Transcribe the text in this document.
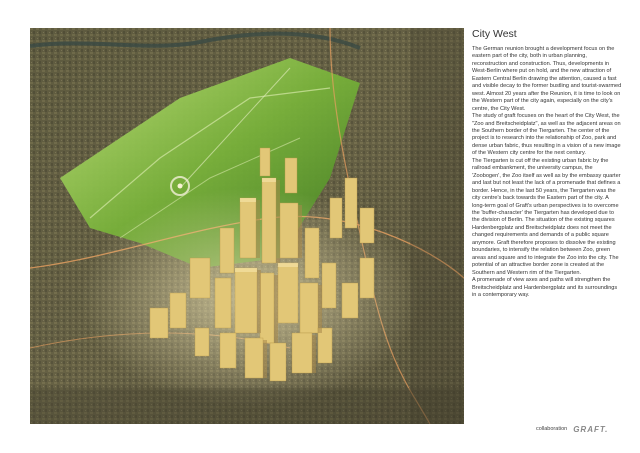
City West

The German reunion brought a development focus on the eastern part of the city, both in urban planning, reconstruction and construction. Thus, developments in West-Berlin where put on hold, and the new attraction of Eastern Central Berlin drawing the attention, caused a fast and visible decay to the former bustling and tourist-swarmed west. Almost 20 years after the Reunion, it is time to look on the Western part of the city again, especially on the city's centre, the City West.
The study of graft focuses on the heart of the City West, the "Zoo and Breitscheidplatz", as well as the adjacent areas on the Southern border of the Tiergarten. The center of the project is to research into the relationship of Zoo, park and dense urban fabric, thus resulting in a vision of a new image of the Western city centre for the next century.
The Tiergarten is cut off the existing urban fabric by the railroad embankment, the university campus, the 'Zoobogen', the Zoo itself as well as by the embassy quarter and last but not least the lack of a promenade that defines a border. Hence, in the last 50 years, the Tiergarten was the city centre's back towards the Eastern part of the city. A long-term goal of Graft's urban perspectives is to overcome the 'buffer-character' the Tiergarten has developed due to the division of Berlin. The situation of the existing squares Hardenbergplatz and Breitscheidplatz does not meet the changed requirements and demands of a public square anymore. Graft therefore proposes to dissolve the existing boundaries, to intensify the relation between Zoo, green areas and square and to integrate the Zoo into the city. The potential of an attractive border zone is created at the Southern and Western rim of the Tiergarten.
A promenade of view axes and paths will strengthen the Breitscheidplatz and Hardenbergplatz and its surroundings in a contemporary way.

collaboration GRAFT.
